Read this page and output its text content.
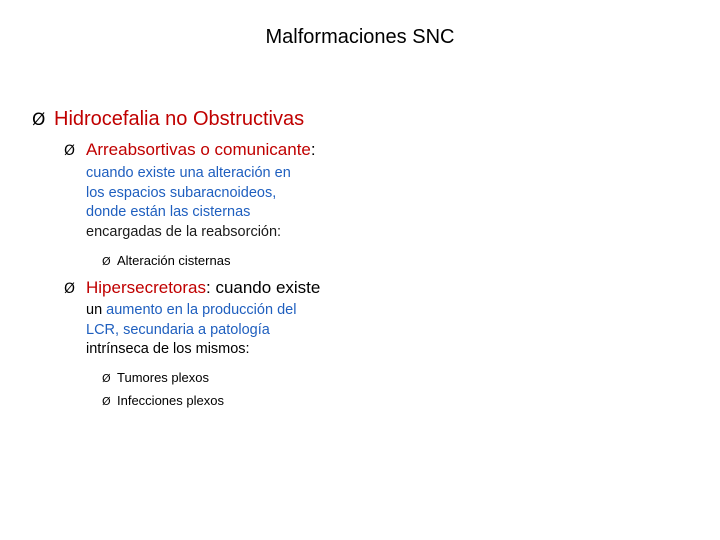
Malformaciones SNC
Ø Hidrocefalia no Obstructivas
Ø Arreabsortivas o comunicante :
cuando existe una alteración en
los espacios subaracnoideos,
donde están las cisternas
encargadas de la reabsorción:
Ø Alteración cisternas
Ø Hipersecretoras : cuando existe
un aumento en la producción del
LCR, secundaria a patología
intrínseca de los mismos:
Ø Tumores plexos
Ø Infecciones plexos
